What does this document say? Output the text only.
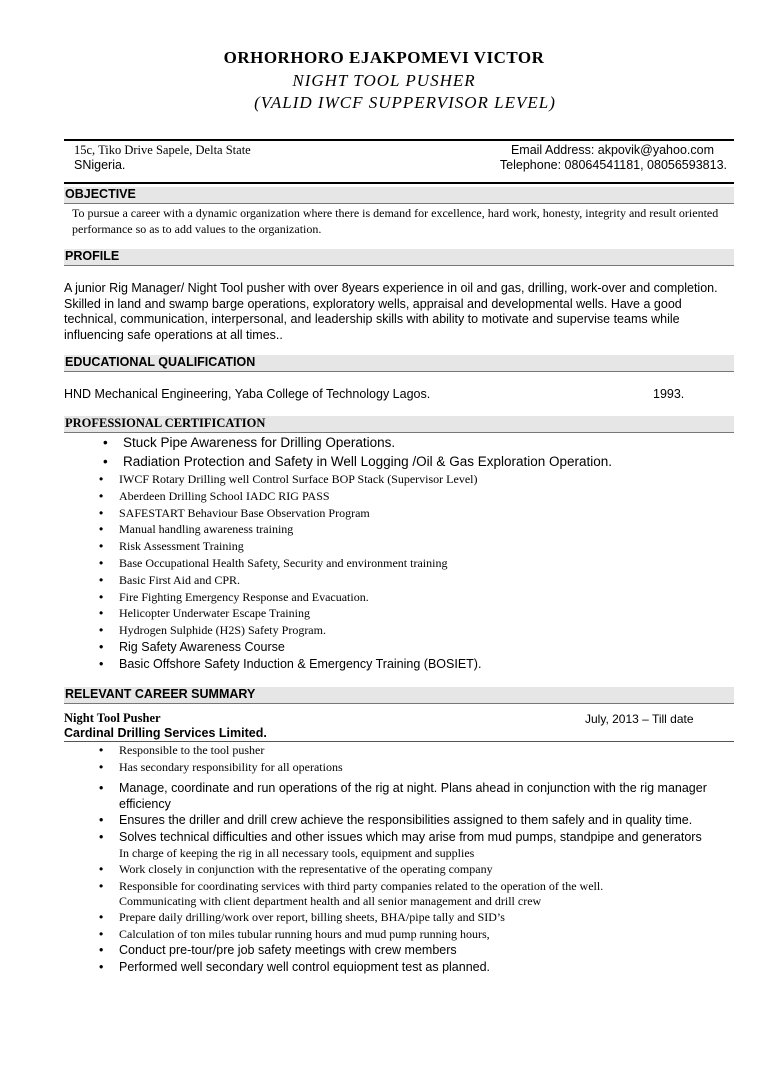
ORHORHORO EJAKPOMEVI VICTOR
NIGHT TOOL PUSHER
(VALID IWCF SUPPERVISOR LEVEL)
15c, Tiko Drive Sapele, Delta State
SNigeria.
Email Address: akpovik@yahoo.com
Telephone: 08064541181, 08056593813.
OBJECTIVE
To pursue a career with a dynamic organization where there is demand for excellence, hard work, honesty, integrity and result oriented performance so as to add values to the organization.
PROFILE
A junior Rig Manager/ Night Tool pusher with over 8years experience in oil and gas, drilling, work-over and completion. Skilled in land and swamp barge operations, exploratory wells, appraisal and developmental wells. Have a good technical, communication, interpersonal, and leadership skills with ability to motivate and supervise teams while influencing safe operations at all times..
EDUCATIONAL QUALIFICATION
HND Mechanical Engineering, Yaba College of Technology Lagos.	1993.
PROFESSIONAL CERTIFICATION
• Stuck Pipe Awareness for Drilling Operations.
• Radiation Protection and Safety in Well Logging /Oil & Gas Exploration Operation.
• IWCF Rotary Drilling well Control Surface BOP Stack (Supervisor Level)
• Aberdeen Drilling School IADC RIG PASS
• SAFESTART Behaviour Base Observation Program
• Manual handling awareness training
• Risk Assessment Training
• Base Occupational Health Safety, Security and environment training
• Basic First Aid and CPR.
• Fire Fighting Emergency Response and Evacuation.
• Helicopter Underwater Escape Training
• Hydrogen Sulphide (H2S) Safety Program.
• Rig Safety Awareness Course
• Basic Offshore Safety Induction & Emergency Training (BOSIET).
RELEVANT CAREER SUMMARY
Night Tool Pusher	July, 2013 – Till date
Cardinal Drilling Services Limited.
• Responsible to the tool pusher
• Has secondary responsibility for all operations
• Manage, coordinate and run operations of the rig at night. Plans ahead in conjunction with the rig manager efficiency
• Ensures the driller and drill crew achieve the responsibilities assigned to them safely and in quality time.
• Solves technical difficulties and other issues which may arise from mud pumps, standpipe and generators
In charge of keeping the rig in all necessary tools, equipment and supplies
• Work closely in conjunction with the representative of the operating company
• Responsible for coordinating services with third party companies related to the operation of the well.
Communicating with client department health and all senior management and drill crew
• Prepare daily drilling/work over report, billing sheets, BHA/pipe tally and SID’s
• Calculation of ton miles tubular running hours and mud pump running hours,
• Conduct pre-tour/pre job safety meetings with crew members
• Performed well secondary well control equiopment test as planned.
